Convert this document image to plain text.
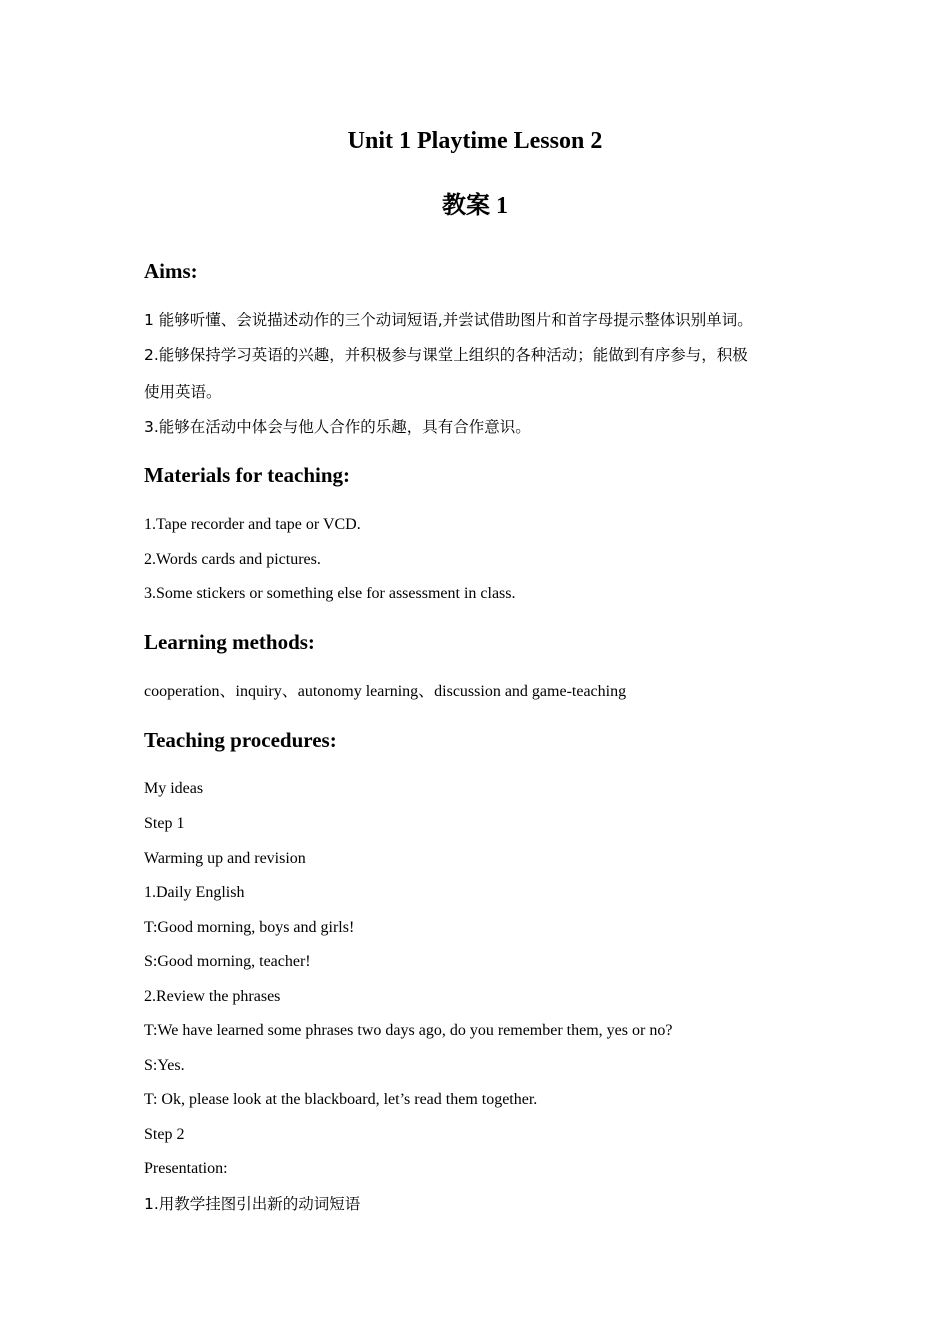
Unit 1 Playtime Lesson 2
教案 1
Aims:

1 能够听懂、会说描述动作的三个动词短语,并尝试借助图片和首字母提示整体识别单词。

2.能够保持学习英语的兴趣，并积极参与课堂上组织的各种活动；能做到有序参与，积极

使用英语。

3.能够在活动中体会与他人合作的乐趣，具有合作意识。

Materials for teaching:

1.Tape recorder and tape or VCD.

2.Words cards and pictures.

3.Some stickers or something else for assessment in class.

Learning methods:

cooperation、inquiry、autonomy learning、discussion and game-teaching

Teaching procedures:

My ideas

Step 1

Warming up and revision

1.Daily English

T:Good morning, boys and girls!

S:Good morning, teacher!

2.Review the phrases

T:We have learned some phrases two days ago, do you remember them, yes or no?

S:Yes.

T: Ok, please look at the blackboard, let’s read them together.

Step 2

Presentation:

1.用教学挂图引出新的动词短语
